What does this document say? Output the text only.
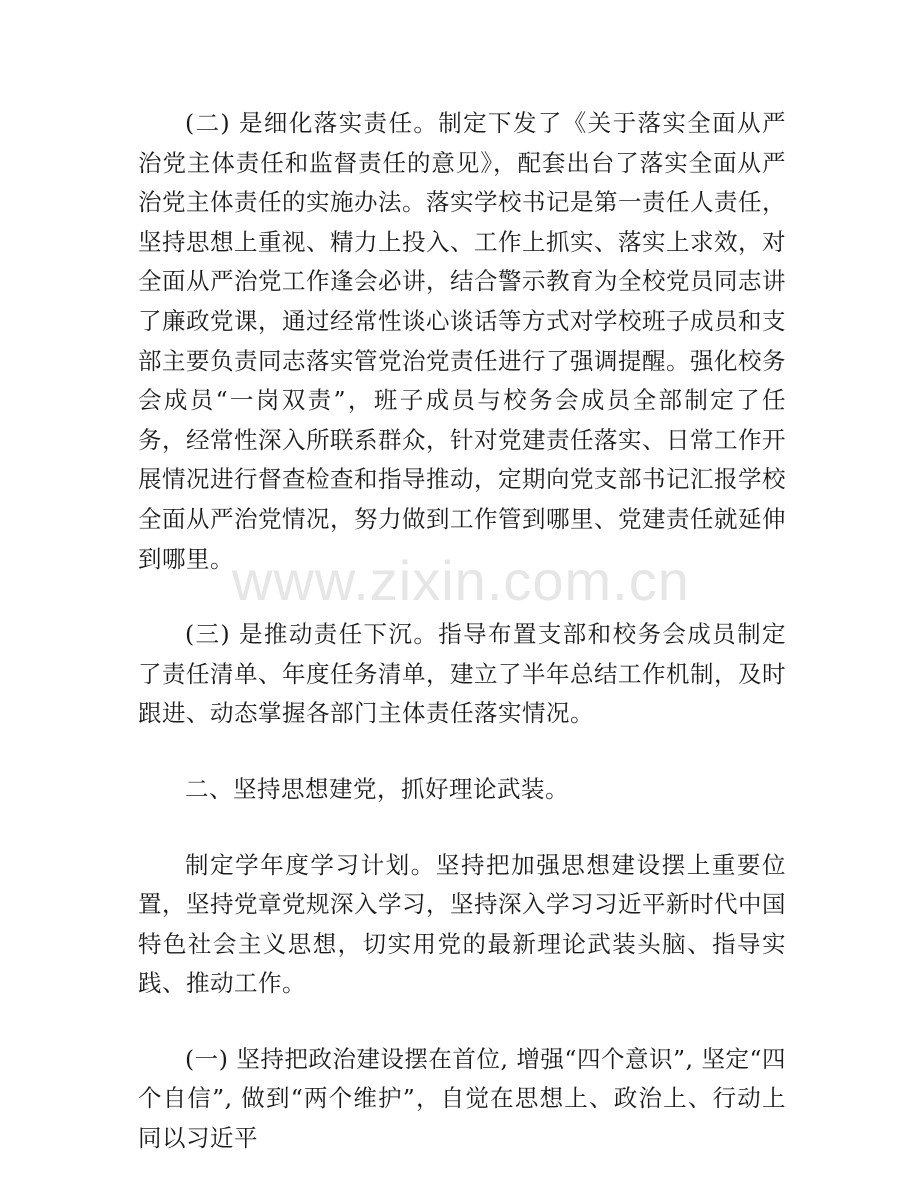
(二) 是细化落实责任。制定下发了《关于落实全面从严治党主体责任和监督责任的意见》，配套出台了落实全面从严治党主体责任的实施办法。落实学校书记是第一责任人责任，坚持思想上重视、精力上投入、工作上抓实、落实上求效，对全面从严治党工作逢会必讲，结合警示教育为全校党员同志讲了廉政党课，通过经常性谈心谈话等方式对学校班子成员和支部主要负责同志落实管党治党责任进行了强调提醒。强化校务会成员“一岗双责”，班子成员与校务会成员全部制定了任务，经常性深入所联系群众，针对党建责任落实、日常工作开展情况进行督查检查和指导推动，定期向党支部书记汇报学校全面从严治党情况，努力做到工作管到哪里、党建责任就延伸到哪里。

(三) 是推动责任下沉。指导布置支部和校务会成员制定了责任清单、年度任务清单，建立了半年总结工作机制，及时跟进、动态掌握各部门主体责任落实情况。

二、坚持思想建党，抓好理论武装。

制定学年度学习计划。坚持把加强思想建设摆上重要位置，坚持党章党规深入学习，坚持深入学习习近平新时代中国特色社会主义思想，切实用党的最新理论武装头脑、指导实践、推动工作。

(一) 坚持把政治建设摆在首位, 增强“四个意识”, 坚定“四个自信”, 做到“两个维护”，自觉在思想上、政治上、行动上同以习近平

www.zixin.com.cn
